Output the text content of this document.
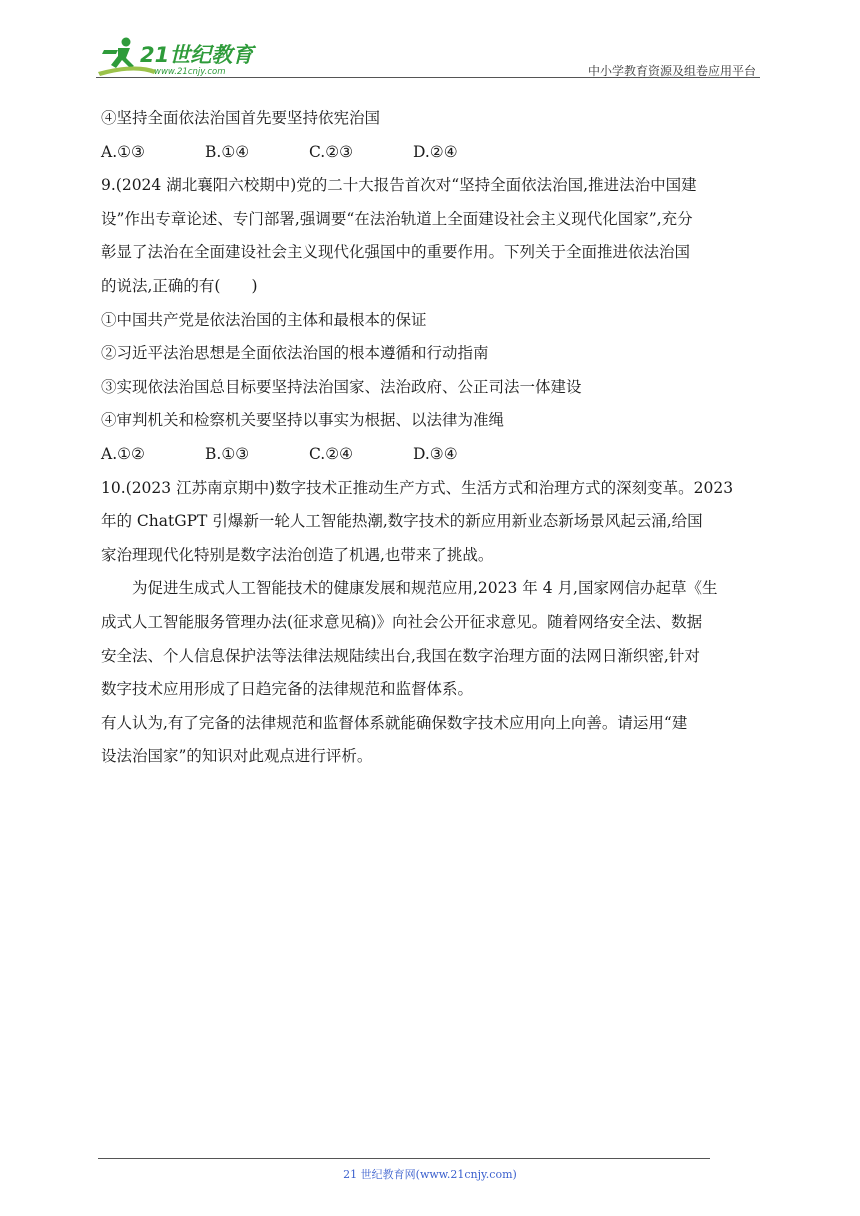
21世纪教育
www.21cnjy.com	中小学教育资源及组卷应用平台
④坚持全面依法治国首先要坚持依宪治国
A.①③	B.①④	C.②③	D.②④
9.(2024 湖北襄阳六校期中)党的二十大报告首次对“坚持全面依法治国,推进法治中国建
设”作出专章论述、专门部署,强调要“在法治轨道上全面建设社会主义现代化国家”,充分
彰显了法治在全面建设社会主义现代化强国中的重要作用。下列关于全面推进依法治国
的说法,正确的有(　　)
①中国共产党是依法治国的主体和最根本的保证
②习近平法治思想是全面依法治国的根本遵循和行动指南
③实现依法治国总目标要坚持法治国家、法治政府、公正司法一体建设
④审判机关和检察机关要坚持以事实为根据、以法律为准绳
A.①②	B.①③	C.②④	D.③④
10.(2023 江苏南京期中)数字技术正推动生产方式、生活方式和治理方式的深刻变革。2023
年的 ChatGPT 引爆新一轮人工智能热潮,数字技术的新应用新业态新场景风起云涌,给国
家治理现代化特别是数字法治创造了机遇,也带来了挑战。
为促进生成式人工智能技术的健康发展和规范应用,2023 年 4 月,国家网信办起草《生
成式人工智能服务管理办法(征求意见稿)》向社会公开征求意见。随着网络安全法、数据
安全法、个人信息保护法等法律法规陆续出台,我国在数字治理方面的法网日渐织密,针对
数字技术应用形成了日趋完备的法律规范和监督体系。
有人认为,有了完备的法律规范和监督体系就能确保数字技术应用向上向善。请运用“建
设法治国家”的知识对此观点进行评析。
21 世纪教育网(www.21cnjy.com)
